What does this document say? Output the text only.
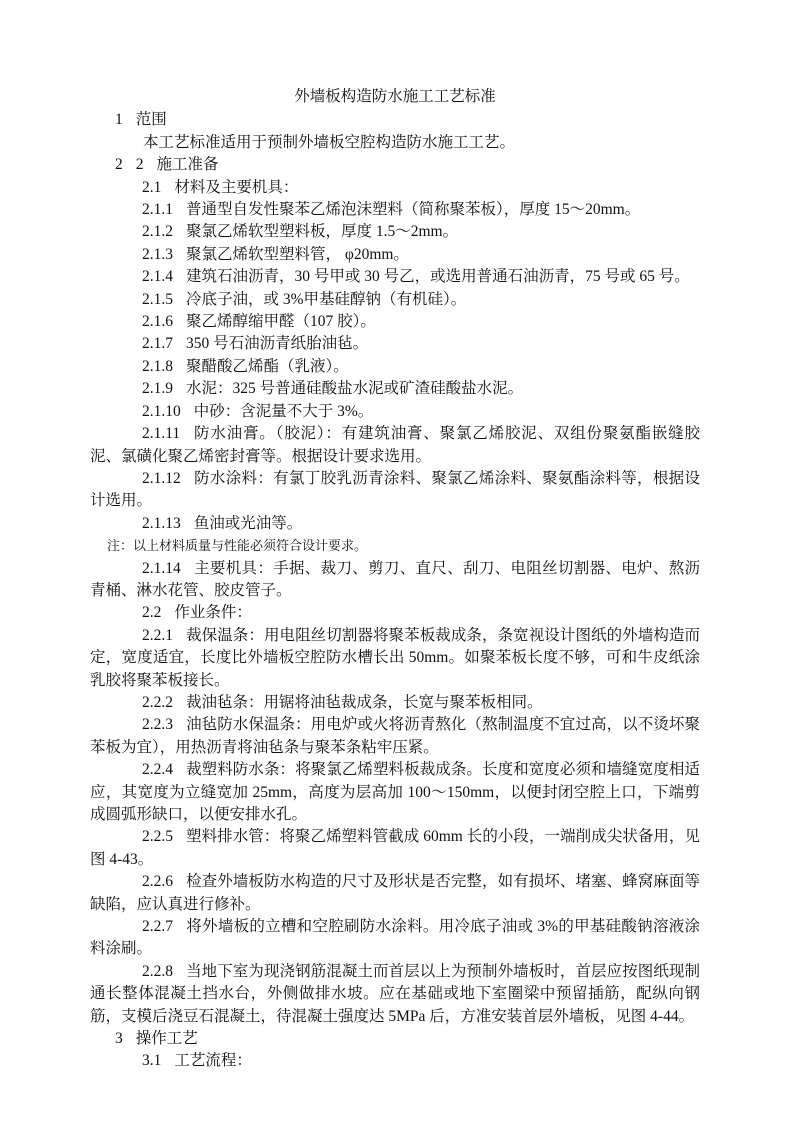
外墙板构造防水施工工艺标准

1 范围

本工艺标准适用于预制外墙板空腔构造防水施工工艺。

2 2 施工准备

2.1 材料及主要机具：

2.1.1 普通型自发性聚苯乙烯泡沫塑料（简称聚苯板），厚度 15～20mm。

2.1.2 聚氯乙烯软型塑料板，厚度 1.5～2mm。

2.1.3 聚氯乙烯软型塑料管， φ20mm。

2.1.4 建筑石油沥青，30 号甲或 30 号乙，或选用普通石油沥青，75 号或 65 号。

2.1.5 冷底子油，或 3%甲基硅醇钠（有机硅）。

2.1.6 聚乙烯醇缩甲醛（107 胶）。

2.1.7 350 号石油沥青纸胎油毡。

2.1.8 聚醋酸乙烯酯（乳液）。

2.1.9 水泥：325 号普通硅酸盐水泥或矿渣硅酸盐水泥。

2.1.10 中砂：含泥量不大于 3%。

2.1.11 防水油膏。（胶泥）：有建筑油膏、聚氯乙烯胶泥、双组份聚氨酯嵌缝胶泥、氯磺化聚乙烯密封膏等。根据设计要求选用。

2.1.12 防水涂料：有氯丁胶乳沥青涂料、聚氯乙烯涂料、聚氨酯涂料等，根据设计选用。

2.1.13 鱼油或光油等。

注：以上材料质量与性能必须符合设计要求。

2.1.14 主要机具：手据、裁刀、剪刀、直尺、刮刀、电阻丝切割器、电炉、熬沥青桶、淋水花管、胶皮管子。

2.2 作业条件：

2.2.1 裁保温条：用电阻丝切割器将聚苯板裁成条，条宽视设计图纸的外墙构造而定，宽度适宜，长度比外墙板空腔防水槽长出 50mm。如聚苯板长度不够，可和牛皮纸涂乳胶将聚苯板接长。

2.2.2 裁油毡条：用锯将油毡裁成条，长宽与聚苯板相同。

2.2.3 油毡防水保温条：用电炉或火将沥青熬化（熬制温度不宜过高，以不烫坏聚苯板为宜），用热沥青将油毡条与聚苯条粘牢压紧。

2.2.4 裁塑料防水条：将聚氯乙烯塑料板裁成条。长度和宽度必须和墙缝宽度相适应，其宽度为立缝宽加 25mm，高度为层高加 100～150mm，以便封闭空腔上口，下端剪成圆弧形缺口，以便安排水孔。

2.2.5 塑料排水管：将聚乙烯塑料管截成 60mm 长的小段，一端削成尖状备用，见图 4-43。

2.2.6 检查外墙板防水构造的尺寸及形状是否完整，如有损坏、堵塞、蜂窝麻面等缺陷，应认真进行修补。

2.2.7 将外墙板的立槽和空腔刷防水涂料。用冷底子油或 3%的甲基硅酸钠溶液涂料涂刷。

2.2.8 当地下室为现浇钢筋混凝土而首层以上为预制外墙板时，首层应按图纸现制通长整体混凝土挡水台，外侧做排水坡。应在基础或地下室圈梁中预留插筋，配纵向钢筋，支模后浇豆石混凝土，待混凝土强度达 5MPa 后，方准安装首层外墙板，见图 4-44。

3 操作工艺

3.1 工艺流程：
